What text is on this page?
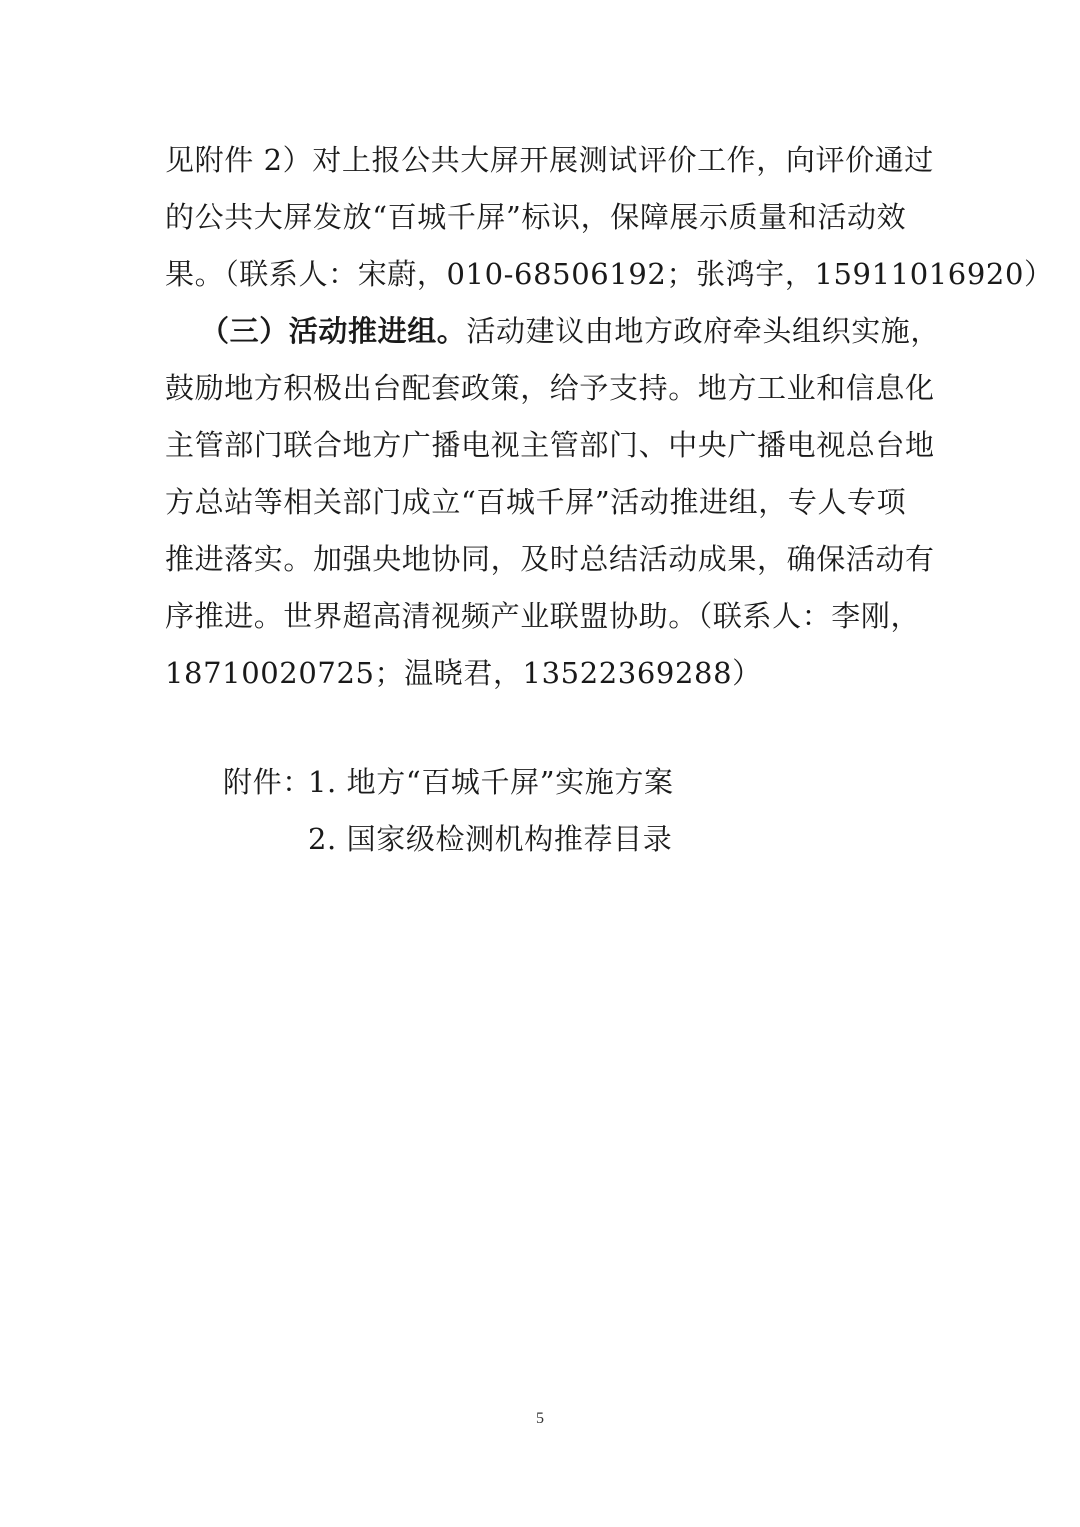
见附件 2）对上报公共大屏开展测试评价工作，向评价通过
的公共大屏发放“百城千屏”标识，保障展示质量和活动效
果。（联系人：宋蔚，010-68506192；张鸿宇，15911016920）
（三）活动推进组。活动建议由地方政府牵头组织实施，
鼓励地方积极出台配套政策，给予支持。地方工业和信息化
主管部门联合地方广播电视主管部门、中央广播电视总台地
方总站等相关部门成立“百城千屏”活动推进组，专人专项
推进落实。加强央地协同，及时总结活动成果，确保活动有
序推进。世界超高清视频产业联盟协助。（联系人：李刚，
18710020725；温晓君，13522369288）
附件：
1. 地方“百城千屏”实施方案
2. 国家级检测机构推荐目录
5
